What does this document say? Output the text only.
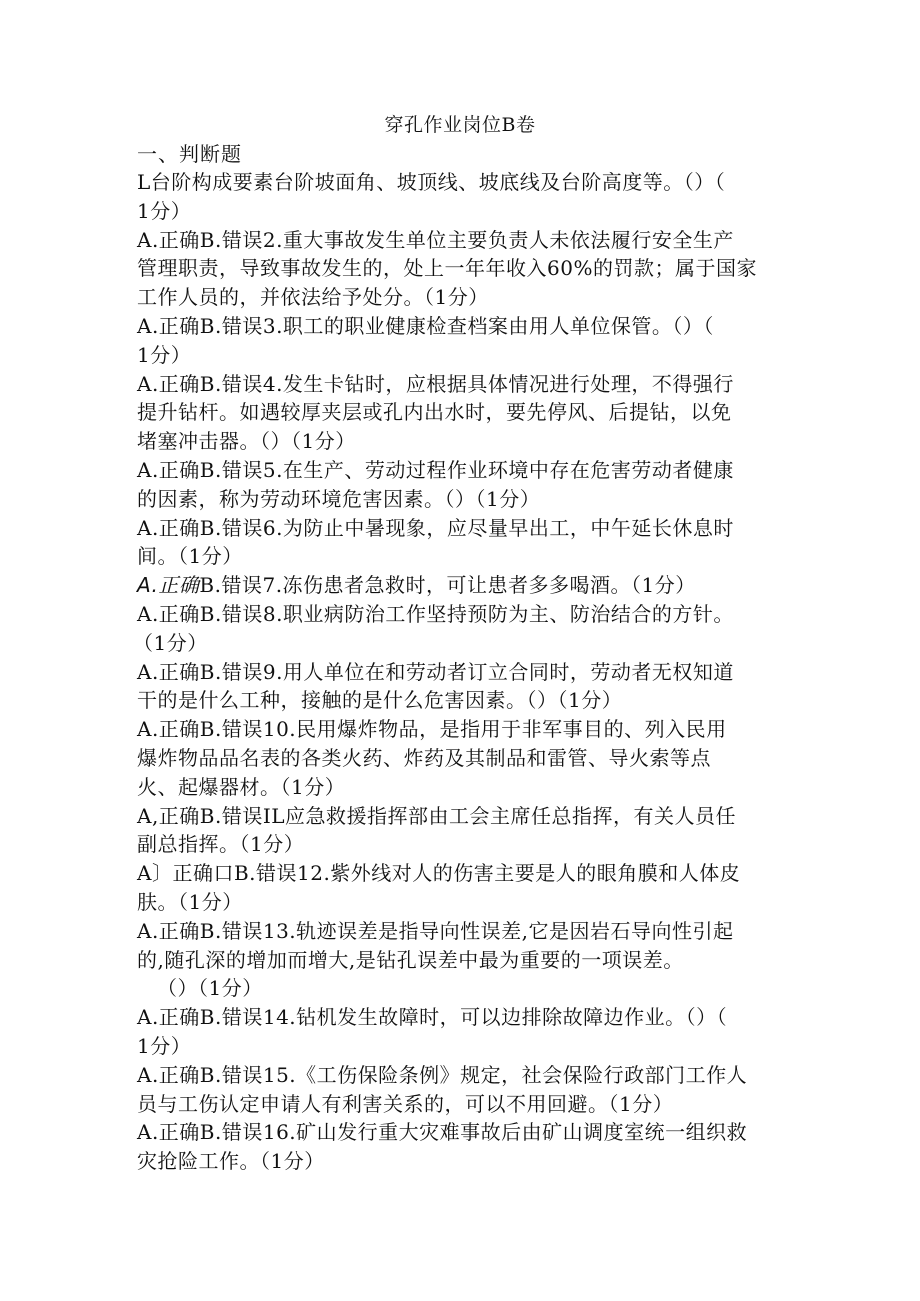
穿孔作业岗位B卷
一、判断题
L台阶构成要素台阶坡面角、坡顶线、坡底线及台阶高度等。（）（
1分）
A.正确B.错误2.重大事故发生单位主要负责人未依法履行安全生产
管理职责，导致事故发生的，处上一年年收入60%的罚款；属于国家
工作人员的，并依法给予处分。（1分）
A.正确B.错误3.职工的职业健康检查档案由用人单位保管。（）（
1分）
A.正确B.错误4.发生卡钻时，应根据具体情况进行处理，不得强行
提升钻杆。如遇较厚夹层或孔内出水时，要先停风、后提钻，以免
堵塞冲击器。（）（1分）
A.正确B.错误5.在生产、劳动过程作业环境中存在危害劳动者健康
的因素，称为劳动环境危害因素。（）（1分）
A.正确B.错误6.为防止中暑现象，应尽量早出工，中午延长休息时
间。（1分）
A.正确B.错误7.冻伤患者急救时，可让患者多多喝酒。（1分）
A.正确B.错误8.职业病防治工作坚持预防为主、防治结合的方针。
（1分）
A.正确B.错误9.用人单位在和劳动者订立合同时，劳动者无权知道
干的是什么工种，接触的是什么危害因素。（）（1分）
A.正确B.错误10.民用爆炸物品，是指用于非军事目的、列入民用
爆炸物品品名表的各类火药、炸药及其制品和雷管、导火索等点
火、起爆器材。（1分）
A,正确B.错误IL应急救援指挥部由工会主席任总指挥，有关人员任
副总指挥。（1分）
A〕正确口B.错误12.紫外线对人的伤害主要是人的眼角膜和人体皮
肤。（1分）
A.正确B.错误13.轨迹误差是指导向性误差,它是因岩石导向性引起
的,随孔深的增加而增大,是钻孔误差中最为重要的一项误差。
（）（1分）
A.正确B.错误14.钻机发生故障时，可以边排除故障边作业。（）（
1分）
A.正确B.错误15.《工伤保险条例》规定，社会保险行政部门工作人
员与工伤认定申请人有利害关系的，可以不用回避。（1分）
A.正确B.错误16.矿山发行重大灾难事故后由矿山调度室统一组织救
灾抢险工作。（1分）
